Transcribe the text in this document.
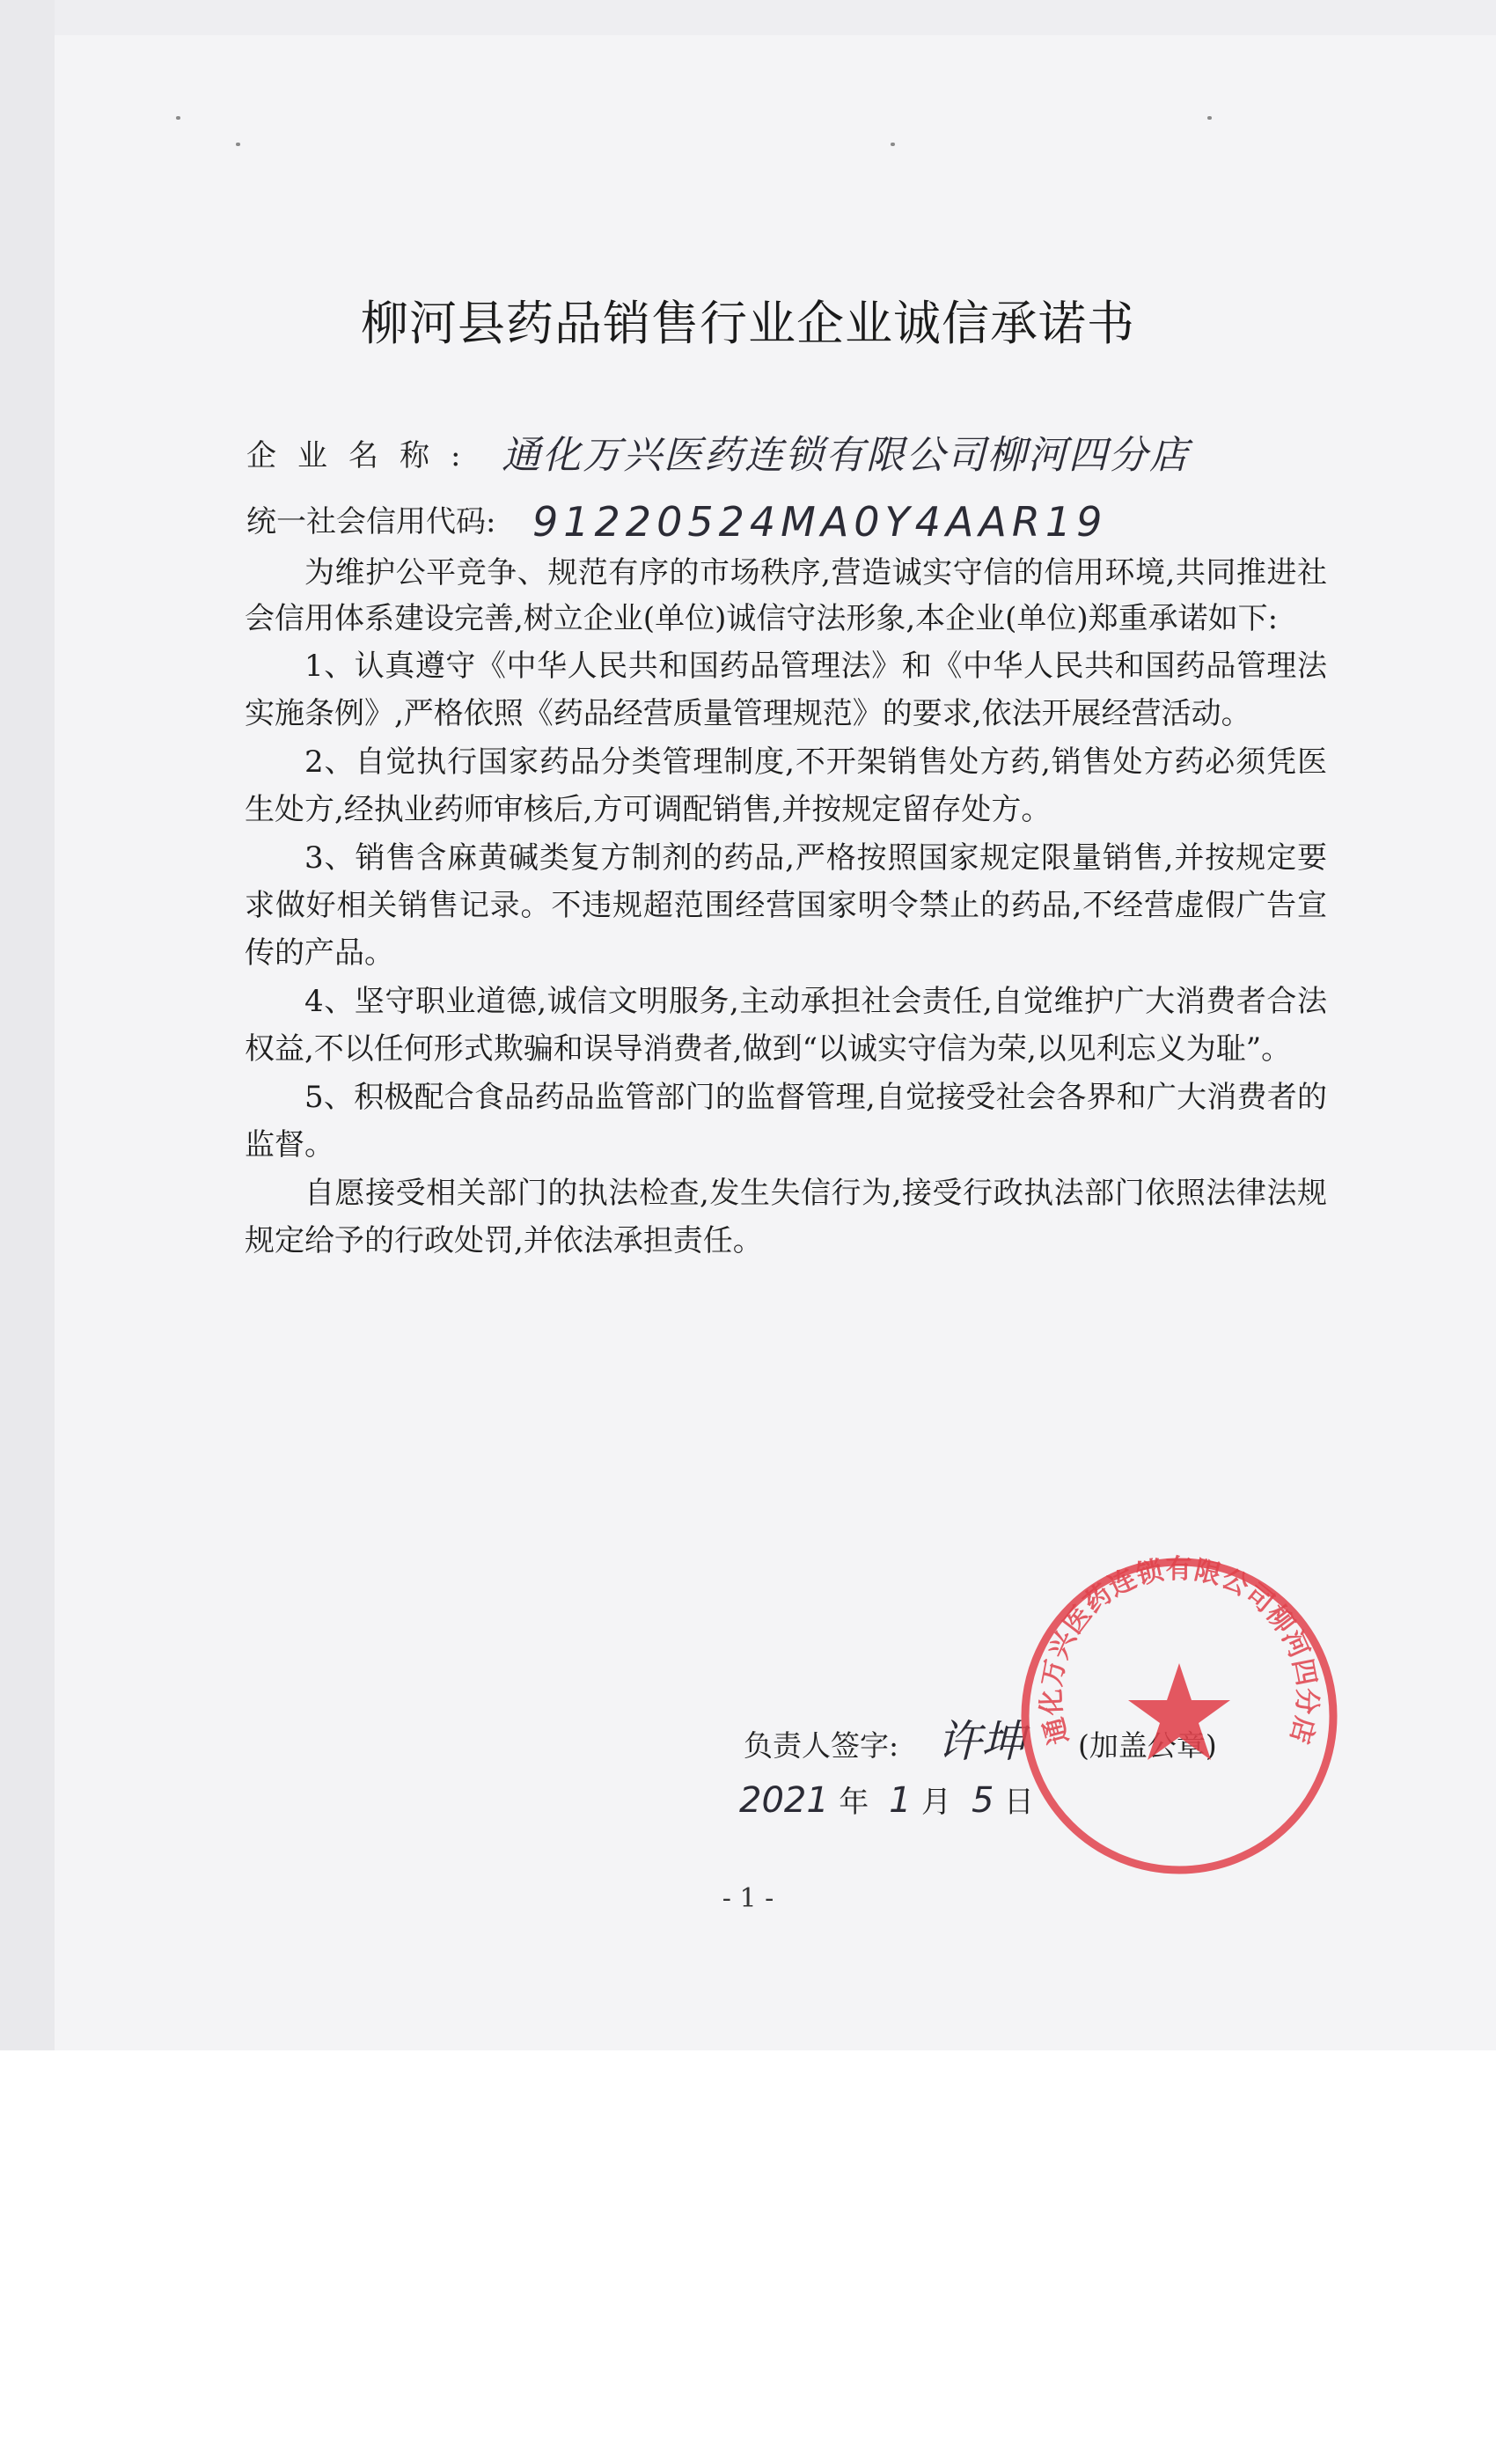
柳河县药品销售行业企业诚信承诺书
企业名称: 通化万兴医药连锁有限公司柳河四分店
统一社会信用代码: 91220524MA0Y4AAR19

为维护公平竞争、规范有序的市场秩序,营造诚实守信的信用环境,共同推进社会信用体系建设完善,树立企业(单位)诚信守法形象,本企业(单位)郑重承诺如下:

1、认真遵守《中华人民共和国药品管理法》和《中华人民共和国药品管理法实施条例》,严格依照《药品经营质量管理规范》的要求,依法开展经营活动。

2、自觉执行国家药品分类管理制度,不开架销售处方药,销售处方药必须凭医生处方,经执业药师审核后,方可调配销售,并按规定留存处方。

3、销售含麻黄碱类复方制剂的药品,严格按照国家规定限量销售,并按规定要求做好相关销售记录。不违规超范围经营国家明令禁止的药品,不经营虚假广告宣传的产品。

4、坚守职业道德,诚信文明服务,主动承担社会责任,自觉维护广大消费者合法权益,不以任何形式欺骗和误导消费者,做到“以诚实守信为荣,以见利忘义为耻”。

5、积极配合食品药品监管部门的监督管理,自觉接受社会各界和广大消费者的监督。

自愿接受相关部门的执法检查,发生失信行为,接受行政执法部门依照法律法规规定给予的行政处罚,并依法承担责任。

负责人签字: 许坤 (加盖公章)
2021 年 1 月 5 日
- 1 -
通化万兴医药连锁有限公司柳河四分店
